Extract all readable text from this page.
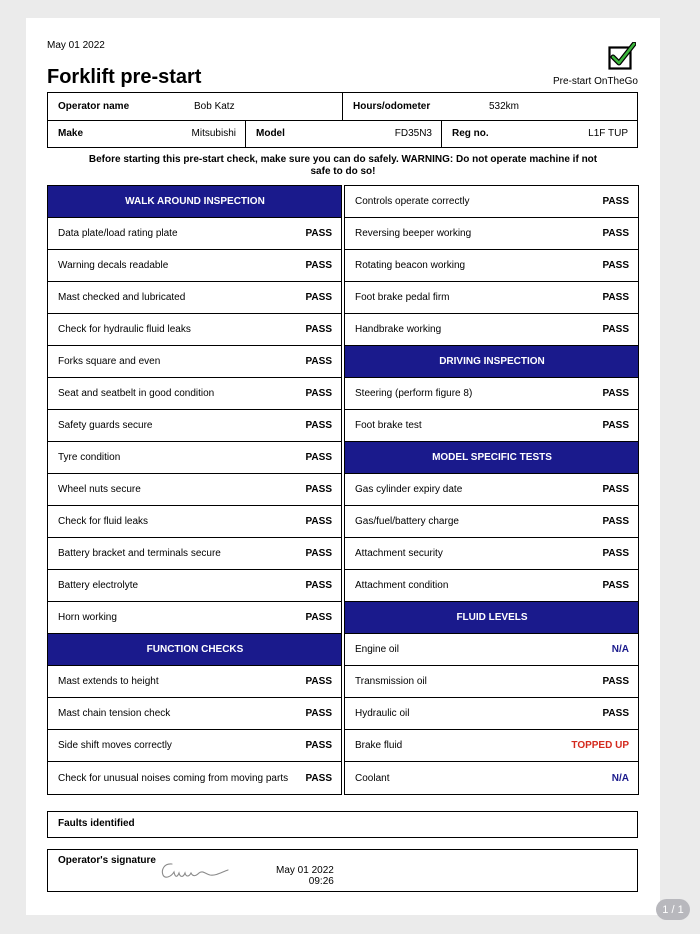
May 01 2022
Forklift pre-start	Pre-start OnTheGo
Operator name	Bob Katz	Hours/odometer	532km
Make	Mitsubishi Model	FD35N3 Reg no.	L1F TUP
Before starting this pre-start check, make sure you can do safely. WARNING: Do not operate machine if not safe to do so!
WALK AROUND INSPECTION
Data plate/load rating plate	PASS
Warning decals readable	PASS
Mast checked and lubricated	PASS
Check for hydraulic fluid leaks	PASS
Forks square and even	PASS
Seat and seatbelt in good condition	PASS
Safety guards secure	PASS
Tyre condition	PASS
Wheel nuts secure	PASS
Check for fluid leaks	PASS
Battery bracket and terminals secure	PASS
Battery electrolyte	PASS
Horn working	PASS
FUNCTION CHECKS
Mast extends to height	PASS
Mast chain tension check	PASS
Side shift moves correctly	PASS
Check for unusual noises coming from moving parts PASS
Controls operate correctly	PASS
Reversing beeper working	PASS
Rotating beacon working	PASS
Foot brake pedal firm	PASS
Handbrake working	PASS
DRIVING INSPECTION
Steering (perform figure 8)	PASS
Foot brake test	PASS
MODEL SPECIFIC TESTS
Gas cylinder expiry date	PASS
Gas/fuel/battery charge	PASS
Attachment security	PASS
Attachment condition	PASS
FLUID LEVELS
Engine oil	N/A
Transmission oil	PASS
Hydraulic oil	PASS
Brake fluid	TOPPED UP
Coolant	N/A
Faults identified
Operator's signature
May 01 2022
09:26
1 / 1
